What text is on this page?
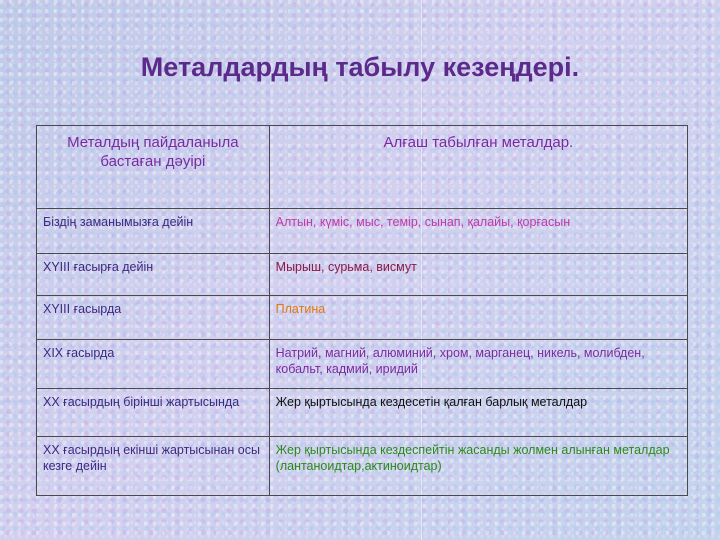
Металдардың табылу кезеңдері.
Металдың пайдаланыла бастаған дәуірі	Алғаш табылған металдар.
Біздің заманымызға дейін	Алтын, күміс, мыс, темір, сынап, қалайы, қорғасын
XYIII ғасырға дейін	Мырыш, сурьма, висмут
XYIII ғасырда	Платина
XIX ғасырда	Натрий, магний, алюминий, хром, марганец, никель, молибден, кобальт, кадмий, иридий
XX ғасырдың бірінші жартысында	Жер қыртысында кездесетін қалған барлық металдар
XX ғасырдың екінші жартысынан осы кезге дейін	Жер қыртысында кездеспейтін жасанды жолмен алынған металдар (лантаноидтар,актиноидтар)
